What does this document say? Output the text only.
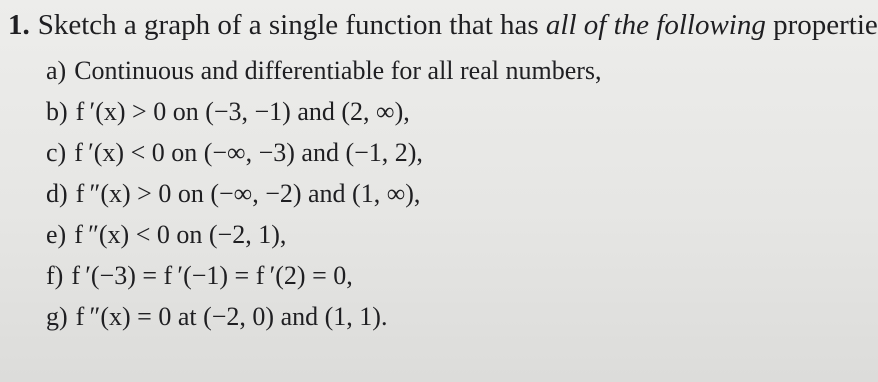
1. Sketch a graph of a single function that has all of the following propertie
a) Continuous and differentiable for all real numbers,
b) f ′(x) > 0 on (−3, −1) and (2, ∞),
c) f ′(x) < 0 on (−∞, −3) and (−1, 2),
d) f ″(x) > 0 on (−∞, −2) and (1, ∞),
e) f ″(x) < 0 on (−2, 1),
f) f ′(−3) = f ′(−1) = f ′(2) = 0,
g) f ″(x) = 0 at (−2, 0) and (1, 1).
